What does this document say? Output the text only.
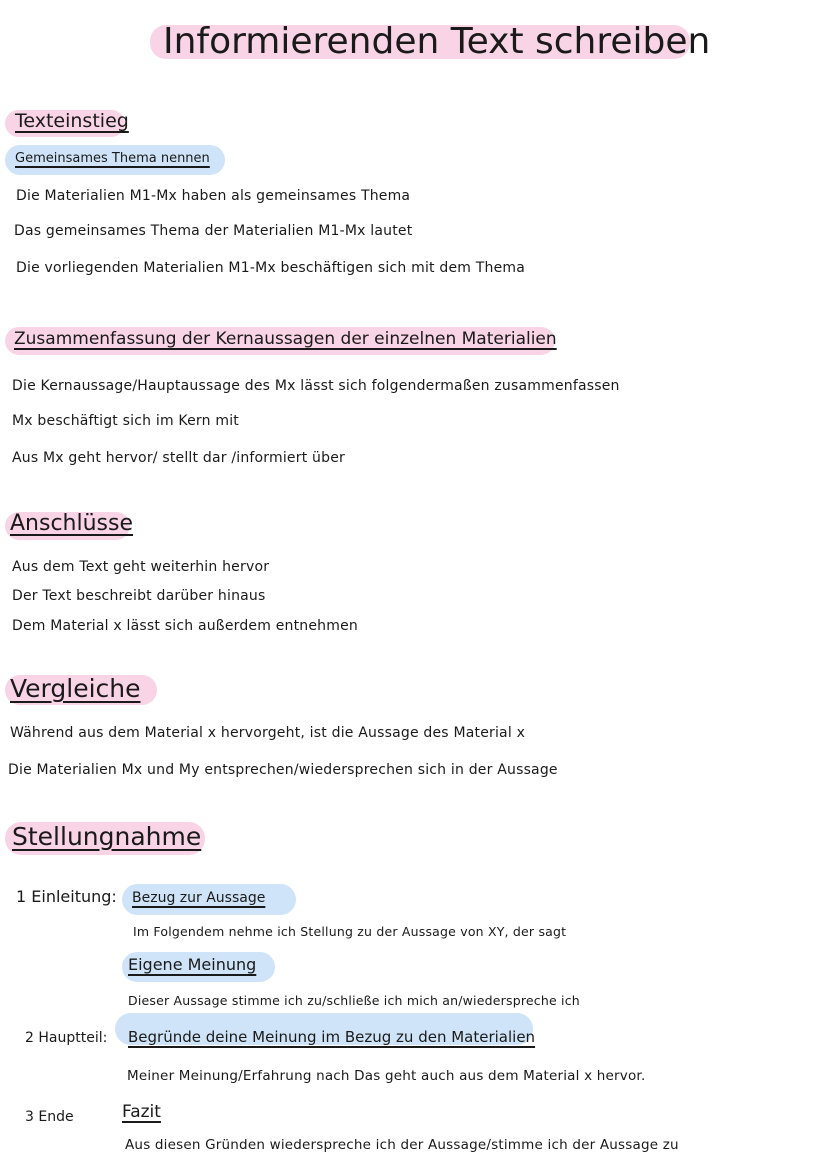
Informierenden Text schreiben
Texteinstieg
Gemeinsames Thema nennen
Die Materialien M1-Mx haben als gemeinsames Thema
Das gemeinsames Thema der Materialien M1-Mx lautet
Die vorliegenden Materialien M1-Mx beschäftigen sich mit dem Thema
Zusammenfassung der Kernaussagen der einzelnen Materialien
Die Kernaussage/Hauptaussage des Mx lässt sich folgendermaßen zusammenfassen
Mx beschäftigt sich im Kern mit
Aus Mx geht hervor/ stellt dar /informiert über
Anschlüsse
Aus dem Text geht weiterhin hervor
Der Text beschreibt darüber hinaus
Dem Material x lässt sich außerdem entnehmen
Vergleiche
Während aus dem Material x hervorgeht, ist die Aussage des Material x
Die Materialien Mx und My entsprechen/wiedersprechen sich in der Aussage
Stellungnahme
1 Einleitung: Bezug zur Aussage
Im Folgendem nehme ich Stellung zu der Aussage von XY, der sagt
Eigene Meinung
Dieser Aussage stimme ich zu/schließe ich mich an/wiederspreche ich
2 Hauptteil: Begründe deine Meinung im Bezug zu den Materialien
Meiner Meinung/Erfahrung nach Das geht auch aus dem Material x hervor.
3 Ende	Fazit
Aus diesen Gründen wiederspreche ich der Aussage/stimme ich der Aussage zu
